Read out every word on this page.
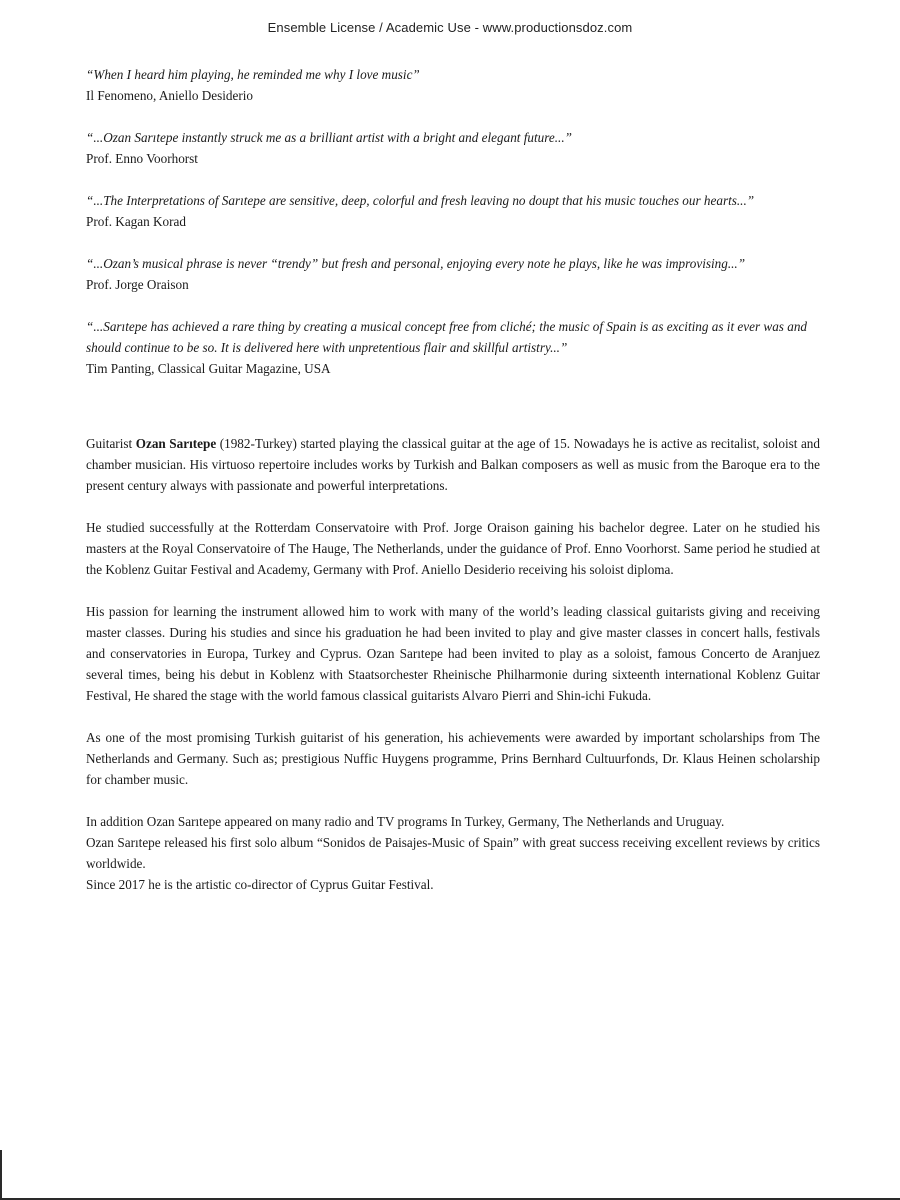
Ensemble License / Academic Use - www.productionsdoz.com

“When I heard him playing, he reminded me why I love music”

Il Fenomeno, Aniello Desiderio

“...Ozan Sarıtepe instantly struck me as a brilliant artist with a bright and elegant future...”

Prof. Enno Voorhorst

“...The Interpretations of Sarıtepe are sensitive, deep, colorful and fresh leaving no doupt that his music touches our hearts...”

Prof. Kagan Korad

“...Ozan’s musical phrase is never “trendy” but fresh and personal, enjoying every note he plays, like he was improvising...”

Prof. Jorge Oraison

“...Sarıtepe has achieved a rare thing by creating a musical concept free from cliché; the music of Spain is as exciting as it ever was and should continue to be so. It is delivered here with unpretentious flair and skillful artistry...”

Tim Panting, Classical Guitar Magazine, USA

Guitarist Ozan Sarıtepe (1982-Turkey) started playing the classical guitar at the age of 15. Nowadays he is active as recitalist, soloist and chamber musician. His virtuoso repertoire includes works by Turkish and Balkan composers as well as music from the Baroque era to the present century always with passionate and powerful interpretations.

He studied successfully at the Rotterdam Conservatoire with Prof. Jorge Oraison gaining his bachelor degree. Later on he studied his masters at the Royal Conservatoire of The Hauge, The Netherlands, under the guidance of Prof. Enno Voorhorst. Same period he studied at the Koblenz Guitar Festival and Academy, Germany with Prof. Aniello Desiderio receiving his soloist diploma.

His passion for learning the instrument allowed him to work with many of the world’s leading classical guitarists giving and receiving master classes. During his studies and since his graduation he had been invited to play and give master classes in concert halls, festivals and conservatories in Europa, Turkey and Cyprus. Ozan Sarıtepe had been invited to play as a soloist, famous Concerto de Aranjuez several times, being his debut in Koblenz with Staatsorchester Rheinische Philharmonie during sixteenth international Koblenz Guitar Festival, He shared the stage with the world famous classical guitarists Alvaro Pierri and Shin-ichi Fukuda.

As one of the most promising Turkish guitarist of his generation, his achievements were awarded by important scholarships from The Netherlands and Germany. Such as; prestigious Nuffic Huygens programme, Prins Bernhard Cultuurfonds, Dr. Klaus Heinen scholarship for chamber music.

In addition Ozan Sarıtepe appeared on many radio and TV programs In Turkey, Germany, The Netherlands and Uruguay.

Ozan Sarıtepe released his first solo album “Sonidos de Paisajes-Music of Spain” with great success receiving excellent reviews by critics worldwide.

Since 2017 he is the artistic co-director of Cyprus Guitar Festival.
